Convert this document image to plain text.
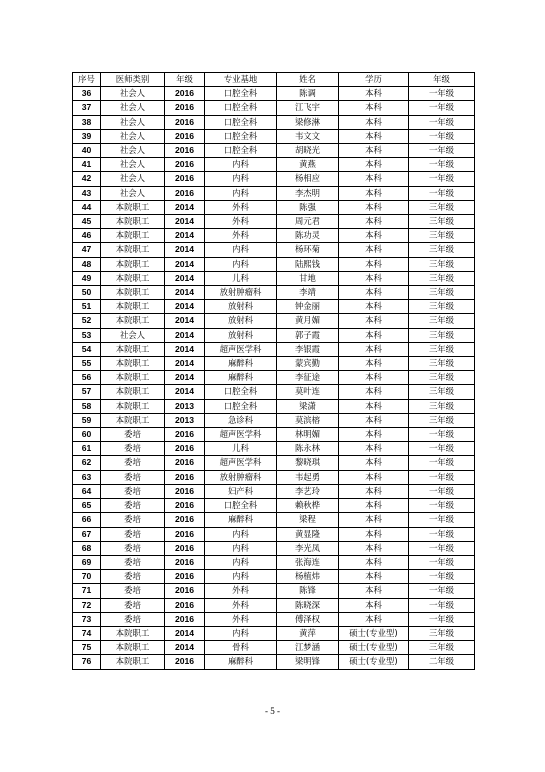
序号	医师类别	年级	专业基地	姓名	学历	年级
36	社会人	2016	口腔全科	陈调	本科	一年级
37	社会人	2016	口腔全科	江飞宇	本科	一年级
38	社会人	2016	口腔全科	梁修淋	本科	一年级
39	社会人	2016	口腔全科	韦文文	本科	一年级
40	社会人	2016	口腔全科	胡晓光	本科	一年级
41	社会人	2016	内科	黄燕	本科	一年级
42	社会人	2016	内科	杨相应	本科	一年级
43	社会人	2016	内科	李杰明	本科	一年级
44	本院职工	2014	外科	陈强	本科	三年级
45	本院职工	2014	外科	周元君	本科	三年级
46	本院职工	2014	外科	陈功灵	本科	三年级
47	本院职工	2014	内科	杨环菊	本科	三年级
48	本院职工	2014	内科	陆熙钱	本科	三年级
49	本院职工	2014	儿科	甘地	本科	三年级
50	本院职工	2014	放射肿瘤科	李靖	本科	三年级
51	本院职工	2014	放射科	钟金丽	本科	三年级
52	本院职工	2014	放射科	黄月媚	本科	三年级
53	社会人	2014	放射科	郭子霞	本科	三年级
54	本院职工	2014	超声医学科	李银霞	本科	三年级
55	本院职工	2014	麻醉科	蒙宾勤	本科	三年级
56	本院职工	2014	麻醉科	李征途	本科	三年级
57	本院职工	2014	口腔全科	莫叶连	本科	三年级
58	本院职工	2013	口腔全科	梁潇	本科	三年级
59	本院职工	2013	急诊科	莫滨榕	本科	三年级
60	委培	2016	超声医学科	林明媚	本科	一年级
61	委培	2016	儿科	陈永林	本科	一年级
62	委培	2016	超声医学科	黎晓琪	本科	一年级
63	委培	2016	放射肿瘤科	韦起勇	本科	一年级
64	委培	2016	妇产科	李艺玲	本科	一年级
65	委培	2016	口腔全科	赖秋桦	本科	一年级
66	委培	2016	麻醉科	梁程	本科	一年级
67	委培	2016	内科	黄显隆	本科	一年级
68	委培	2016	内科	李光凤	本科	一年级
69	委培	2016	内科	张海连	本科	一年级
70	委培	2016	内科	杨植炜	本科	一年级
71	委培	2016	外科	陈锋	本科	一年级
72	委培	2016	外科	陈晓深	本科	一年级
73	委培	2016	外科	傅泽权	本科	一年级
74	本院职工	2014	内科	黄萍	硕士(专业型)	三年级
75	本院职工	2014	骨科	江梦涵	硕士(专业型)	三年级
76	本院职工	2016	麻醉科	梁明锋	硕士(专业型)	二年级
- 5 -
